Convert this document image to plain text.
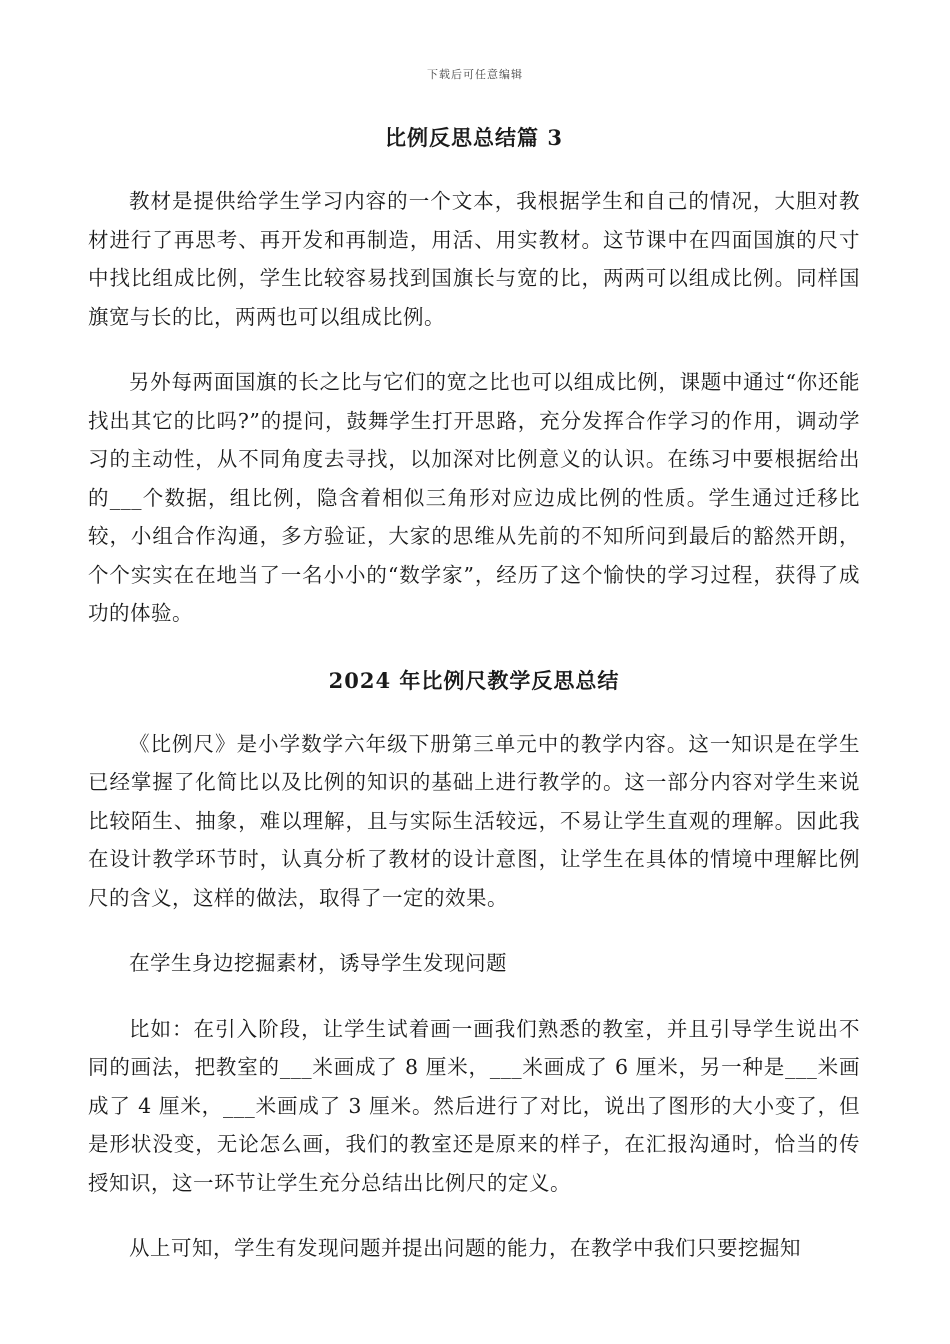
下载后可任意编辑
比例反思总结篇 3

教材是提供给学生学习内容的一个文本，我根据学生和自己的情况，大胆对教材进行了再思考、再开发和再制造，用活、用实教材。这节课中在四面国旗的尺寸中找比组成比例，学生比较容易找到国旗长与宽的比，两两可以组成比例。同样国旗宽与长的比，两两也可以组成比例。

另外每两面国旗的长之比与它们的宽之比也可以组成比例，课题中通过“你还能找出其它的比吗?”的提问，鼓舞学生打开思路，充分发挥合作学习的作用，调动学习的主动性，从不同角度去寻找，以加深对比例意义的认识。在练习中要根据给出的___个数据，组比例，隐含着相似三角形对应边成比例的性质。学生通过迁移比较，小组合作沟通，多方验证，大家的思维从先前的不知所问到最后的豁然开朗，个个实实在在地当了一名小小的“数学家”，经历了这个愉快的学习过程，获得了成功的体验。

2024 年比例尺教学反思总结

《比例尺》是小学数学六年级下册第三单元中的教学内容。这一知识是在学生已经掌握了化简比以及比例的知识的基础上进行教学的。这一部分内容对学生来说比较陌生、抽象，难以理解，且与实际生活较远，不易让学生直观的理解。因此我在设计教学环节时，认真分析了教材的设计意图，让学生在具体的情境中理解比例尺的含义，这样的做法，取得了一定的效果。

在学生身边挖掘素材，诱导学生发现问题

比如：在引入阶段，让学生试着画一画我们熟悉的教室，并且引导学生说出不同的画法，把教室的___米画成了 8 厘米，___米画成了 6 厘米，另一种是___米画成了 4 厘米，___米画成了 3 厘米。然后进行了对比，说出了图形的大小变了，但是形状没变，无论怎么画，我们的教室还是原来的样子，在汇报沟通时，恰当的传授知识，这一环节让学生充分总结出比例尺的定义。

从上可知，学生有发现问题并提出问题的能力，在教学中我们只要挖掘知
